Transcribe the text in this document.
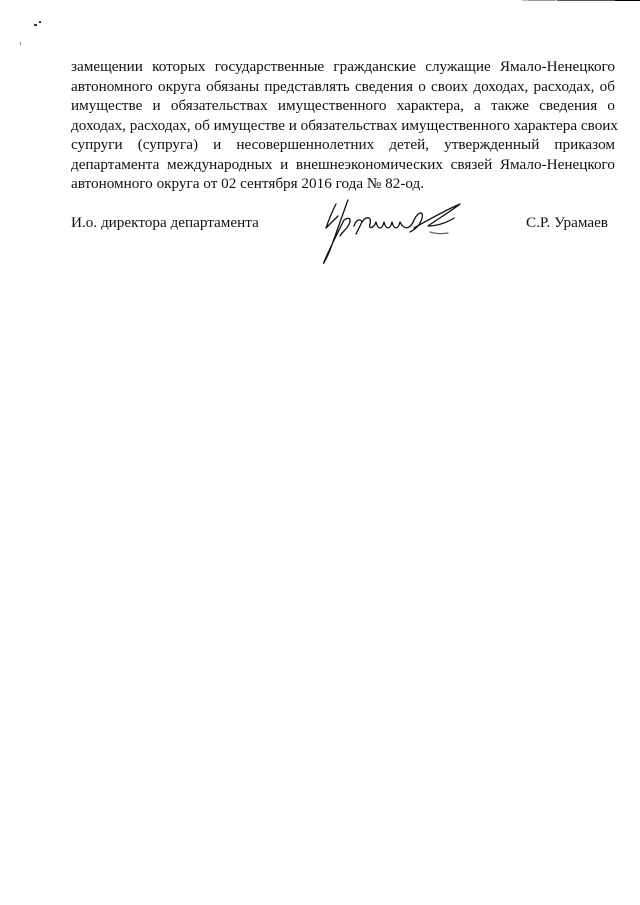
замещении которых государственные гражданские служащие Ямало-Ненецкого
автономного округа обязаны представлять сведения о своих доходах, расходах, об
имуществе и обязательствах имущественного характера, а также сведения о
доходах, расходах, об имуществе и обязательствах имущественного характера своих
супруги (супруга) и несовершеннолетних детей, утвержденный приказом
департамента международных и внешнеэкономических связей Ямало-Ненецкого
автономного округа от 02 сентября 2016 года № 82-од.
И.о. директора департамента	С.Р. Урамаев
